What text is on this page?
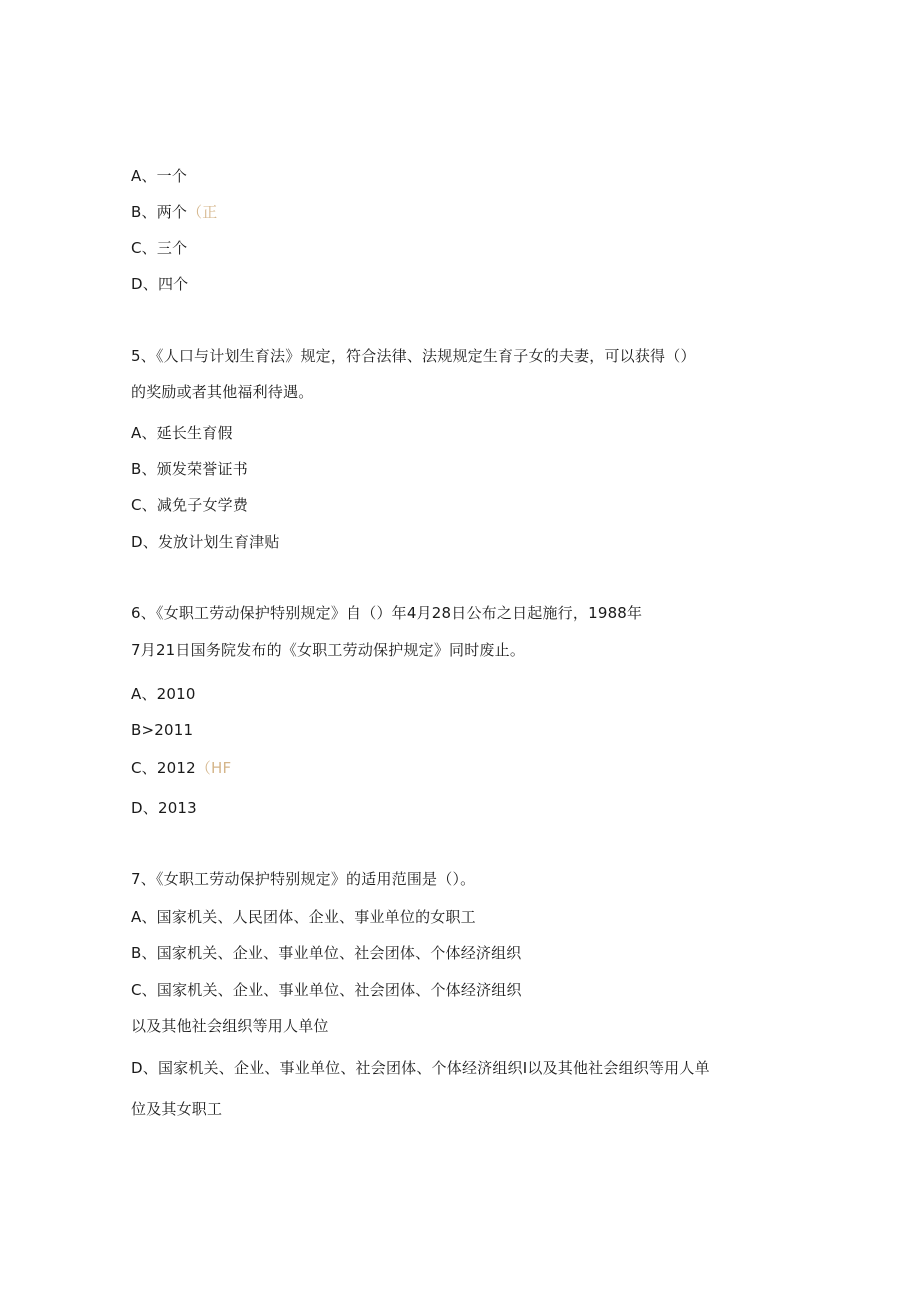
A、一个
B、两个（正
C、三个
D、四个
5、《人口与计划生育法》规定，符合法律、法规规定生育子女的夫妻，可以获得（）
的奖励或者其他福利待遇。
A、延长生育假
B、颁发荣誉证书
C、减免子女学费
D、发放计划生育津贴
6、《女职工劳动保护特别规定》自（）年4月28日公布之日起施行，1988年
7月21日国务院发布的《女职工劳动保护规定》同时废止。
A、2010
B>2011
C、2012（HF
D、2013
7、《女职工劳动保护特别规定》的适用范围是（）。
A、国家机关、人民团体、企业、事业单位的女职工
B、国家机关、企业、事业单位、社会团体、个体经济组织
C、国家机关、企业、事业单位、社会团体、个体经济组织
以及其他社会组织等用人单位
D、国家机关、企业、事业单位、社会团体、个体经济组织I以及其他社会组织等用人单
位及其女职工
